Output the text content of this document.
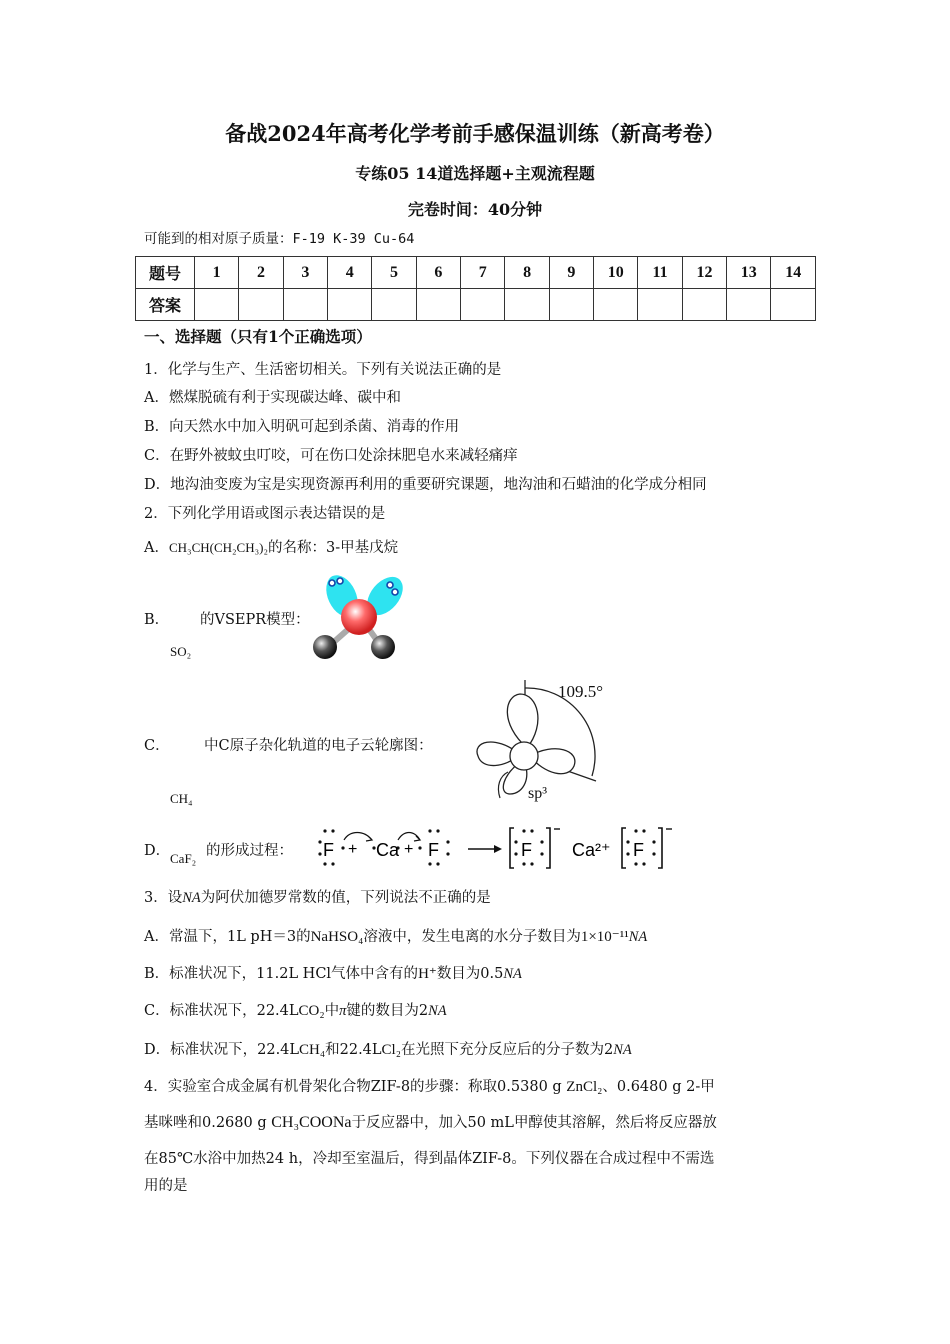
备战2024年高考化学考前手感保温训练（新高考卷）
专练05 14道选择题+主观流程题
完卷时间：40分钟
可能到的相对原子质量：F-19 K-39 Cu-64
题号	1	2	3	4	5	6	7	8	9	10	11	12	13	14
答案														
一、选择题（只有1个正确选项）
1．化学与生产、生活密切相关。下列有关说法正确的是
A．燃煤脱硫有利于实现碳达峰、碳中和
B．向天然水中加入明矾可起到杀菌、消毒的作用
C．在野外被蚊虫叮咬，可在伤口处涂抹肥皂水来减轻痛痒
D．地沟油变废为宝是实现资源再利用的重要研究课题，地沟油和石蜡油的化学成分相同
2．下列化学用语或图示表达错误的是
A．CH₃CH(CH₂CH₃)₂的名称：3-甲基戊烷
B． 的VSEPR模型：
SO₂
C． 中C原子杂化轨道的电子云轮廓图：
CH₄
109.5°
sp³
D． CaF₂ 的形成过程： F + Ca + F	F Ca²⁺ F
3．设NA为阿伏加德罗常数的值，下列说法不正确的是
A．常温下，1L pH＝3的NaHSO₄溶液中，发生电离的水分子数目为1×10⁻¹¹NA
B．标准状况下，11.2L HCl气体中含有的H⁺数目为0.5NA
C．标准状况下，22.4LCO₂中π键的数目为2NA
D．标准状况下，22.4LCH₄和22.4LCl₂在光照下充分反应后的分子数为2NA
4．实验室合成金属有机骨架化合物ZIF-8的步骤：称取0.5380 g ZnCl₂、0.6480 g 2-甲
基咪唑和0.2680 g CH₃COONa于反应器中，加入50 mL甲醇使其溶解，然后将反应器放
在85℃水浴中加热24 h，冷却至室温后，得到晶体ZIF-8。下列仪器在合成过程中不需选
用的是
